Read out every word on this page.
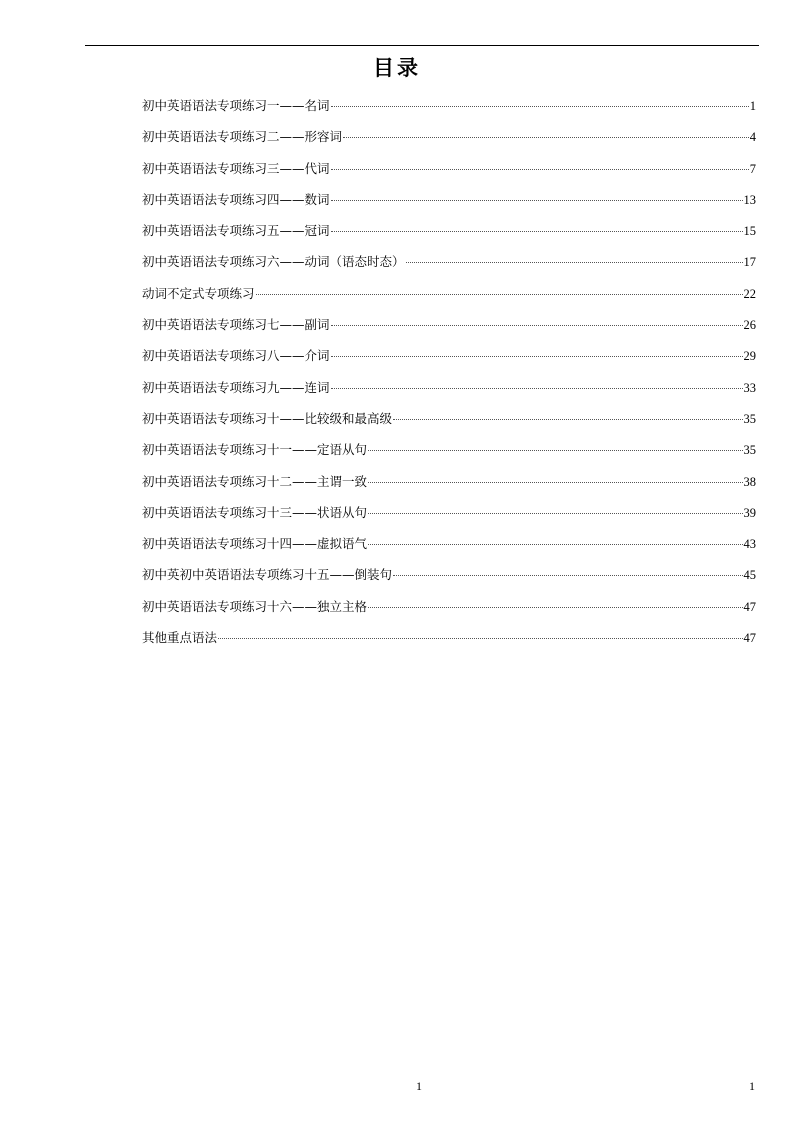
目录
初中英语语法专项练习一——名词	1
初中英语语法专项练习二——形容词	4
初中英语语法专项练习三——代词	7
初中英语语法专项练习四——数词	13
初中英语语法专项练习五——冠词	15
初中英语语法专项练习六——动词（语态时态）	17
动词不定式专项练习	22
初中英语语法专项练习七——副词	26
初中英语语法专项练习八——介词	29
初中英语语法专项练习九——连词	33
初中英语语法专项练习十——比较级和最高级	35
初中英语语法专项练习十一——定语从句	35
初中英语语法专项练习十二——主谓一致	38
初中英语语法专项练习十三——状语从句	39
初中英语语法专项练习十四——虚拟语气	43
初中英初中英语语法专项练习十五——倒装句	45
初中英语语法专项练习十六——独立主格	47
其他重点语法	47
1	1
